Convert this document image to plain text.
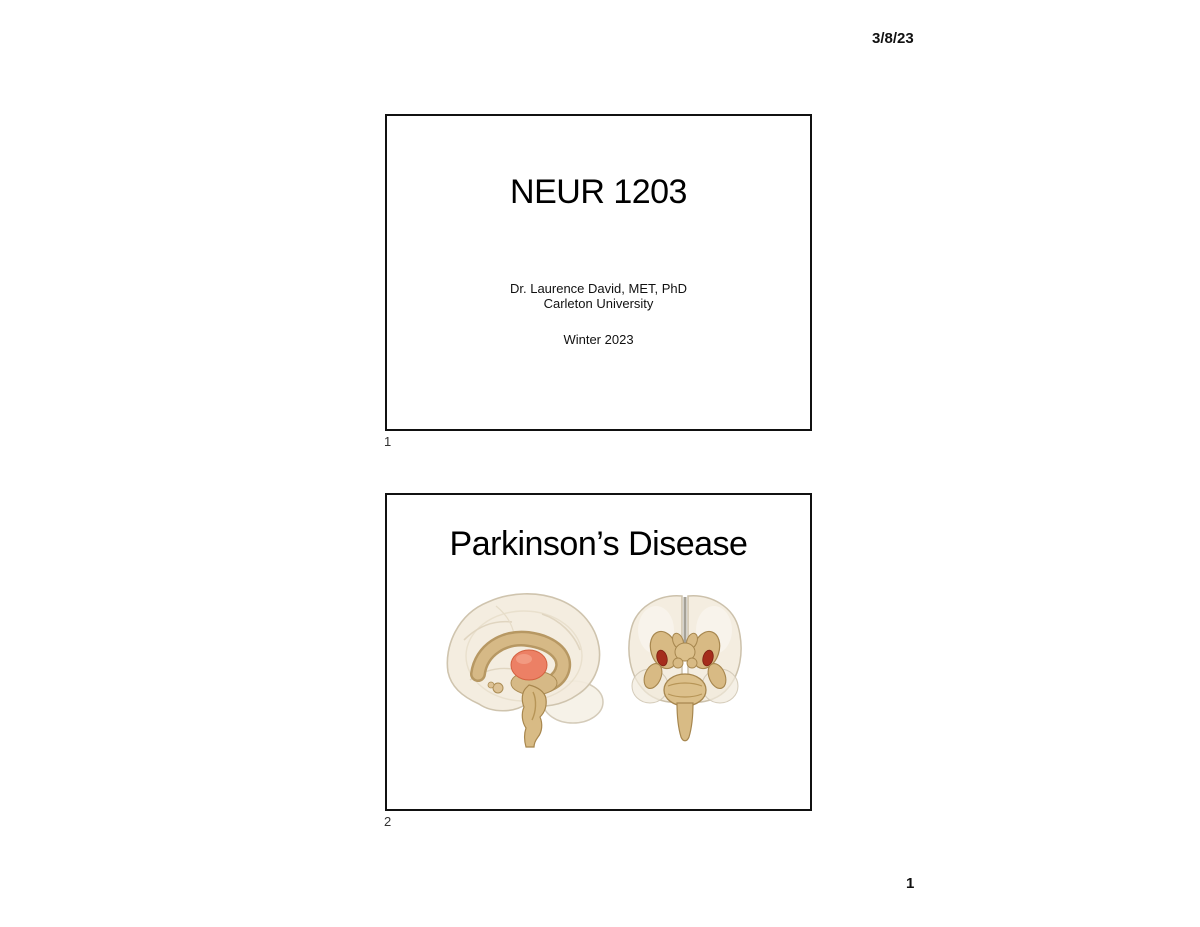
3/8/23
NEUR 1203
Dr. Laurence David, MET, PhD
Carleton University
Winter 2023
1
Parkinson’s Disease
2
1
